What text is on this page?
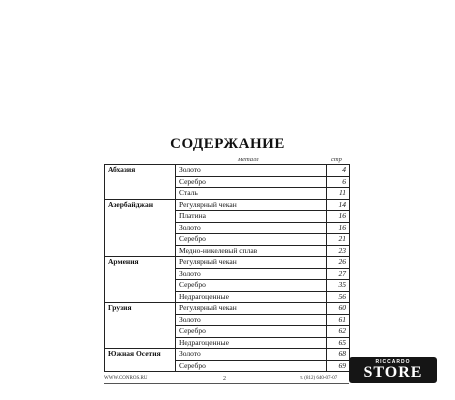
СОДЕРЖАНИЕ
металл	стр
Абхазия	Золото	4
	Серебро	6
	Сталь	11
Азербайджан	Регулярный чекан	14
	Платина	16
	Золото	16
	Серебро	21
	Медно-никелевый сплав	23
Армения	Регулярный чекан	26
	Золото	27
	Серебро	35
	Недрагоценные	56
Грузия	Регулярный чекан	60
	Золото	61
	Серебро	62
	Недрагоценные	65
Южная Осетия	Золото	68
	Серебро	69
WWW.CONROS.RU	2	т. (812) 640-07-07
RICCARDO
STORE
